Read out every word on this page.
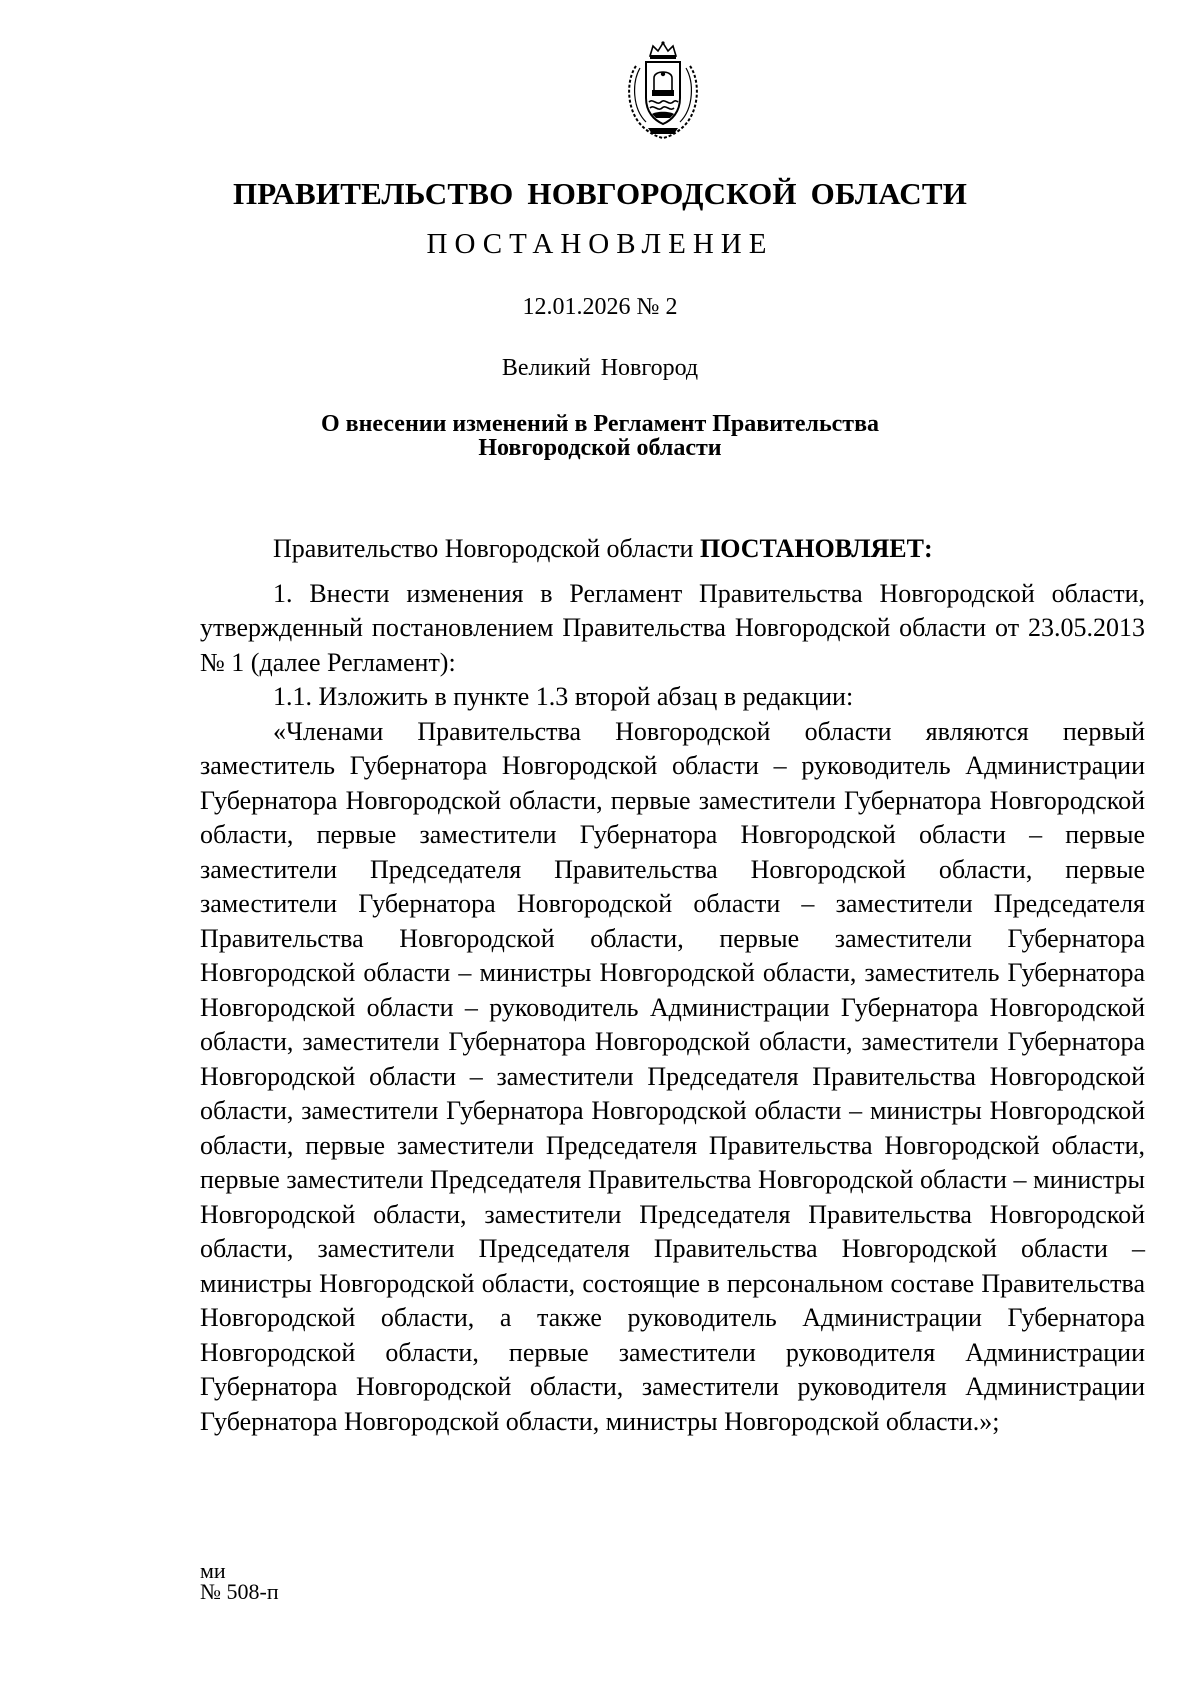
ПРАВИТЕЛЬСТВО НОВГОРОДСКОЙ ОБЛАСТИ
ПОСТАНОВЛЕНИЕ
12.01.2026 № 2
Великий Новгород
О внесении изменений в Регламент Правительства
Новгородской области

Правительство Новгородской области ПОСТАНОВЛЯЕТ:

1. Внести изменения в Регламент Правительства Новгородской области, утвержденный постановлением Правительства Новгородской области от 23.05.2013 № 1 (далее Регламент):

1.1. Изложить в пункте 1.3 второй абзац в редакции:

«Членами Правительства Новгородской области являются первый заместитель Губернатора Новгородской области – руководитель Администрации Губернатора Новгородской области, первые заместители Губернатора Новгородской области, первые заместители Губернатора Новгородской области – первые заместители Председателя Правительства Новгородской области, первые заместители Губернатора Новгородской области – заместители Председателя Правительства Новгородской области, первые заместители Губернатора Новгородской области – министры Новгородской области, заместитель Губернатора Новгородской области – руководитель Администрации Губернатора Новгородской области, заместители Губернатора Новгородской области, заместители Губернатора Новгородской области – заместители Председателя Правительства Новгородской области, заместители Губернатора Новгородской области – министры Новгородской области, первые заместители Председателя Правительства Новгородской области, первые заместители Председателя Правительства Новгородской области – министры Новгородской области, заместители Председателя Правительства Новгородской области, заместители Председателя Правительства Новгородской области – министры Новгородской области, состоящие в персональном составе Правительства Новгородской области, а также руководитель Администрации Губернатора Новгородской области, первые заместители руководителя Администрации Губернатора Новгородской области, заместители руководителя Администрации Губернатора Новгородской области, министры Новгородской области.»;

ми
№ 508-п
